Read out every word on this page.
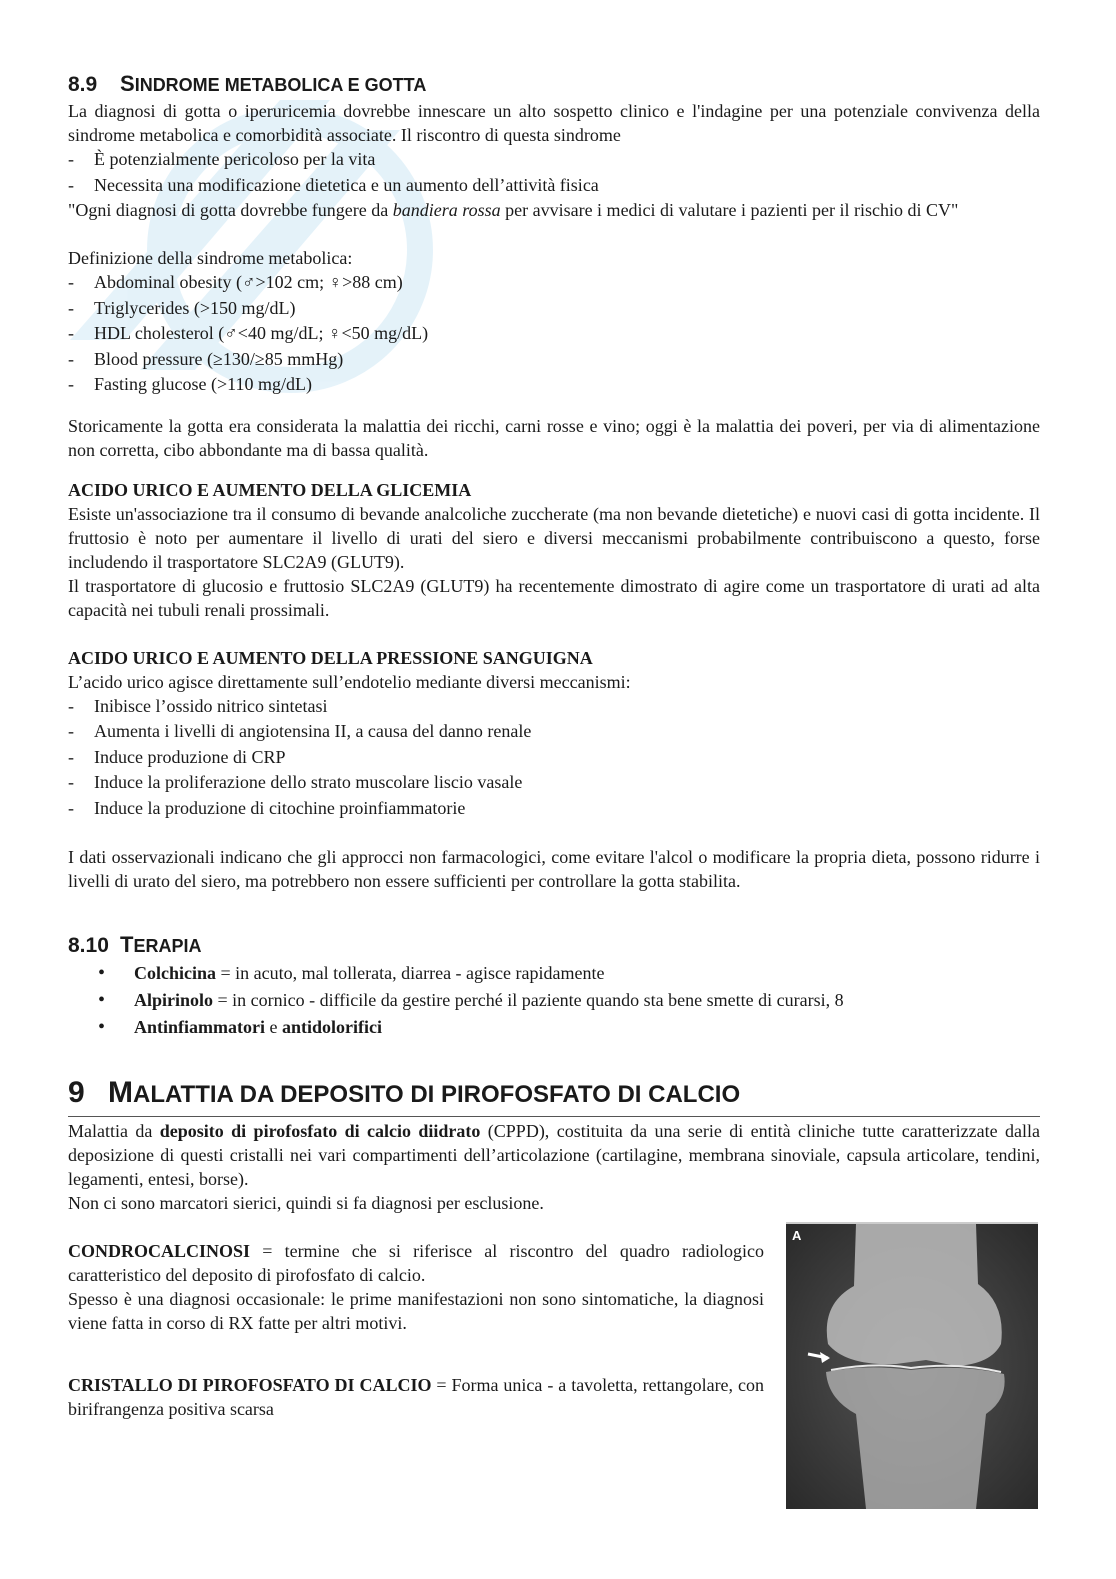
8.9 SINDROME METABOLICA E GOTTA

La diagnosi di gotta o iperuricemia dovrebbe innescare un alto sospetto clinico e l'indagine per una potenziale convivenza della sindrome metabolica e comorbidità associate. Il riscontro di questa sindrome

- È potenzialmente pericoloso per la vita
- Necessita una modificazione dietetica e un aumento dell’attività fisica

"Ogni diagnosi di gotta dovrebbe fungere da bandiera rossa per avvisare i medici di valutare i pazienti per il rischio di CV"

Definizione della sindrome metabolica:

- Abdominal obesity (♂>102 cm; ♀>88 cm)
- Triglycerides (>150 mg/dL)
- HDL cholesterol (♂<40 mg/dL; ♀<50 mg/dL)
- Blood pressure (≥130/≥85 mmHg)
- Fasting glucose (>110 mg/dL)

Storicamente la gotta era considerata la malattia dei ricchi, carni rosse e vino; oggi è la malattia dei poveri, per via di alimentazione non corretta, cibo abbondante ma di bassa qualità.

ACIDO URICO E AUMENTO DELLA GLICEMIA

Esiste un'associazione tra il consumo di bevande analcoliche zuccherate (ma non bevande dietetiche) e nuovi casi di gotta incidente. Il fruttosio è noto per aumentare il livello di urati del siero e diversi meccanismi probabilmente contribuiscono a questo, forse includendo il trasportatore SLC2A9 (GLUT9).

Il trasportatore di glucosio e fruttosio SLC2A9 (GLUT9) ha recentemente dimostrato di agire come un trasportatore di urati ad alta capacità nei tubuli renali prossimali.

ACIDO URICO E AUMENTO DELLA PRESSIONE SANGUIGNA

L’acido urico agisce direttamente sull’endotelio mediante diversi meccanismi:

- Inibisce l’ossido nitrico sintetasi
- Aumenta i livelli di angiotensina II, a causa del danno renale
- Induce produzione di CRP
- Induce la proliferazione dello strato muscolare liscio vasale
- Induce la produzione di citochine proinfiammatorie

I dati osservazionali indicano che gli approcci non farmacologici, come evitare l'alcol o modificare la propria dieta, possono ridurre i livelli di urato del siero, ma potrebbero non essere sufficienti per controllare la gotta stabilita.

8.10 TERAPIA
• Colchicina = in acuto, mal tollerata, diarrea - agisce rapidamente
• Alpirinolo = in cornico - difficile da gestire perché il paziente quando sta bene smette di curarsi, 8
• Antinfiammatori e antidolorifici
9 MALATTIA DA DEPOSITO DI PIROFOSFATO DI CALCIO

Malattia da deposito di pirofosfato di calcio diidrato (CPPD), costituita da una serie di entità cliniche tutte caratterizzate dalla deposizione di questi cristalli nei vari compartimenti dell’articolazione (cartilagine, membrana sinoviale, capsula articolare, tendini, legamenti, entesi, borse).

Non ci sono marcatori sierici, quindi si fa diagnosi per esclusione.

CONDROCALCINOSI = termine che si riferisce al riscontro del quadro radiologico caratteristico del deposito di pirofosfato di calcio.

Spesso è una diagnosi occasionale: le prime manifestazioni non sono sintomatiche, la diagnosi viene fatta in corso di RX fatte per altri motivi.

CRISTALLO DI PIROFOSFATO DI CALCIO = Forma unica - a tavoletta, rettangolare, con birifrangenza positiva scarsa

A
